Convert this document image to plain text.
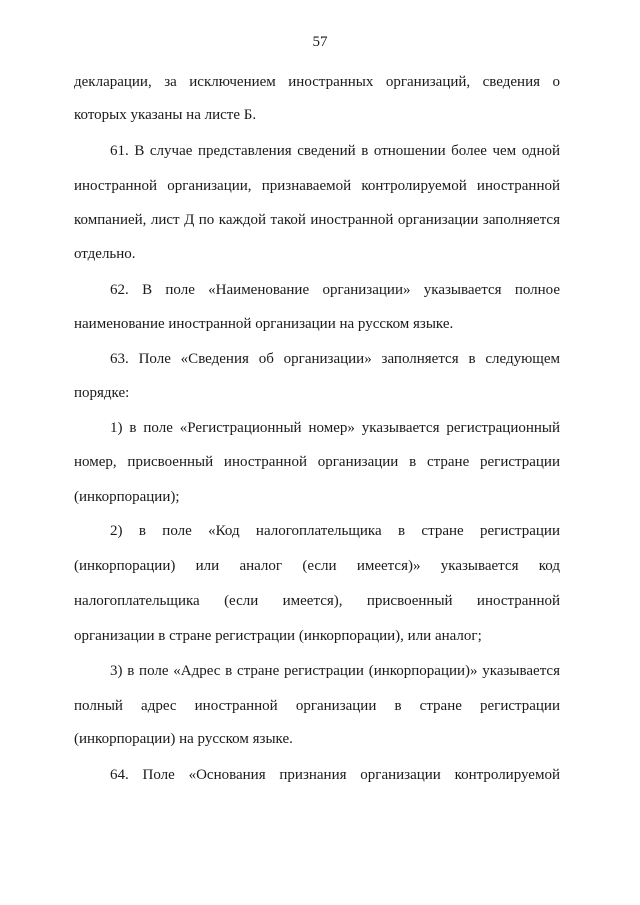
57
декларации, за исключением иностранных организаций, сведения о
которых указаны на листе Б.
61. В случае представления сведений в отношении более чем одной
иностранной организации, признаваемой контролируемой иностранной
компанией, лист Д по каждой такой иностранной организации заполняется
отдельно.
62. В поле «Наименование организации» указывается полное
наименование иностранной организации на русском языке.
63. Поле «Сведения об организации» заполняется в следующем
порядке:
1) в поле «Регистрационный номер» указывается регистрационный
номер, присвоенный иностранной организации в стране регистрации
(инкорпорации);
2) в поле «Код налогоплательщика в стране регистрации
(инкорпорации) или аналог (если имеется)» указывается код
налогоплательщика (если имеется), присвоенный иностранной
организации в стране регистрации (инкорпорации), или аналог;
3) в поле «Адрес в стране регистрации (инкорпорации)» указывается
полный адрес иностранной организации в стране регистрации
(инкорпорации) на русском языке.
64. Поле «Основания признания организации контролируемой
